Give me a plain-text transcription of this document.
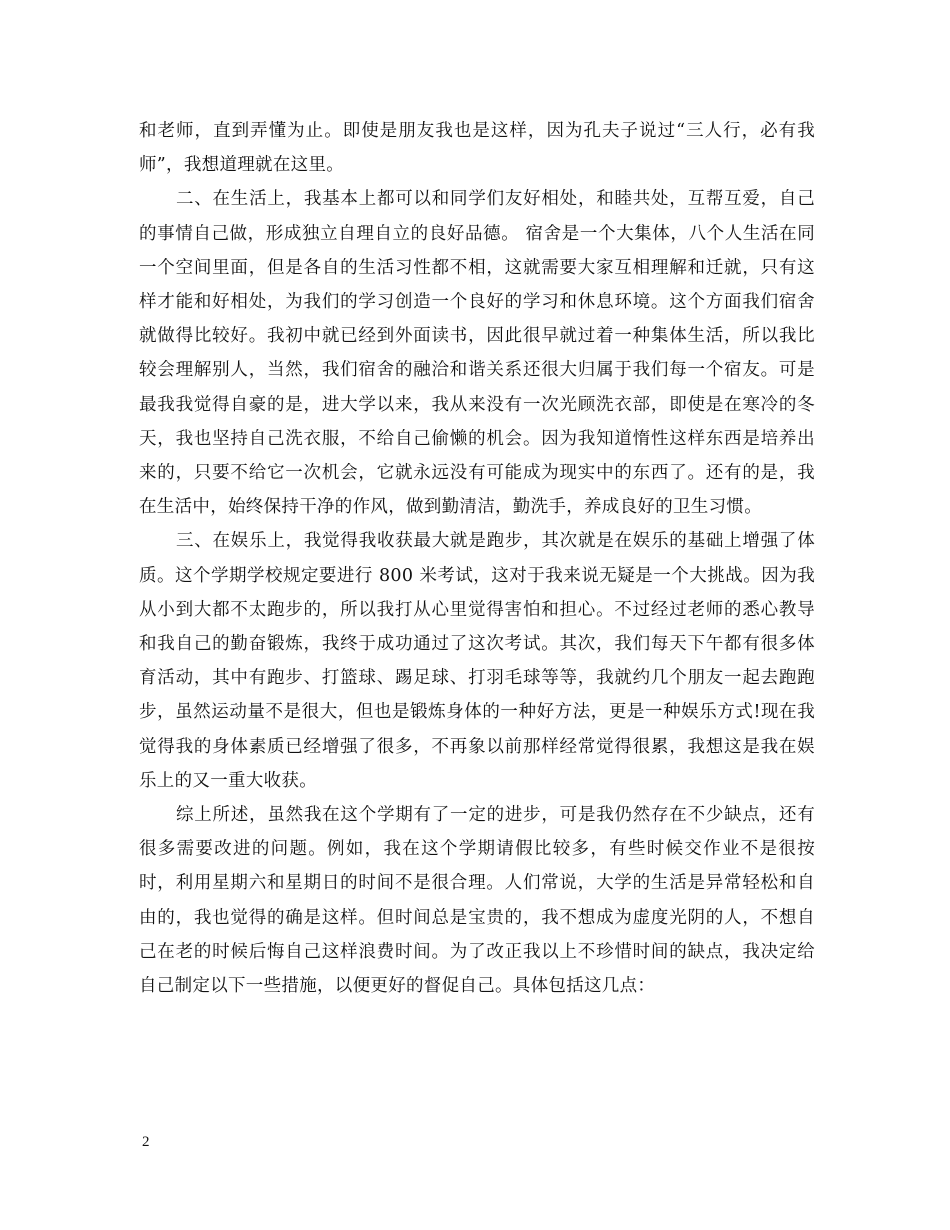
和老师，直到弄懂为止。即使是朋友我也是这样，因为孔夫子说过“三人行，必有我师”，我想道理就在这里。

二、在生活上，我基本上都可以和同学们友好相处，和睦共处，互帮互爱，自己的事情自己做，形成独立自理自立的良好品德。 宿舍是一个大集体，八个人生活在同一个空间里面，但是各自的生活习性都不相，这就需要大家互相理解和迁就，只有这样才能和好相处，为我们的学习创造一个良好的学习和休息环境。这个方面我们宿舍就做得比较好。我初中就已经到外面读书，因此很早就过着一种集体生活，所以我比较会理解别人，当然，我们宿舍的融洽和谐关系还很大归属于我们每一个宿友。可是最我我觉得自豪的是，进大学以来，我从来没有一次光顾洗衣部，即使是在寒冷的冬天，我也坚持自己洗衣服，不给自己偷懒的机会。因为我知道惰性这样东西是培养出来的，只要不给它一次机会，它就永远没有可能成为现实中的东西了。还有的是，我在生活中，始终保持干净的作风，做到勤清洁，勤洗手，养成良好的卫生习惯。

三、在娱乐上，我觉得我收获最大就是跑步，其次就是在娱乐的基础上增强了体质。这个学期学校规定要进行 800 米考试，这对于我来说无疑是一个大挑战。因为我从小到大都不太跑步的，所以我打从心里觉得害怕和担心。不过经过老师的悉心教导和我自己的勤奋锻炼，我终于成功通过了这次考试。其次，我们每天下午都有很多体育活动，其中有跑步、打篮球、踢足球、打羽毛球等等，我就约几个朋友一起去跑跑步，虽然运动量不是很大，但也是锻炼身体的一种好方法，更是一种娱乐方式!现在我觉得我的身体素质已经增强了很多，不再象以前那样经常觉得很累，我想这是我在娱乐上的又一重大收获。

综上所述，虽然我在这个学期有了一定的进步，可是我仍然存在不少缺点，还有很多需要改进的问题。例如，我在这个学期请假比较多，有些时候交作业不是很按时，利用星期六和星期日的时间不是很合理。人们常说，大学的生活是异常轻松和自由的，我也觉得的确是这样。但时间总是宝贵的，我不想成为虚度光阴的人，不想自己在老的时候后悔自己这样浪费时间。为了改正我以上不珍惜时间的缺点，我决定给自己制定以下一些措施，以便更好的督促自己。具体包括这几点：

2
